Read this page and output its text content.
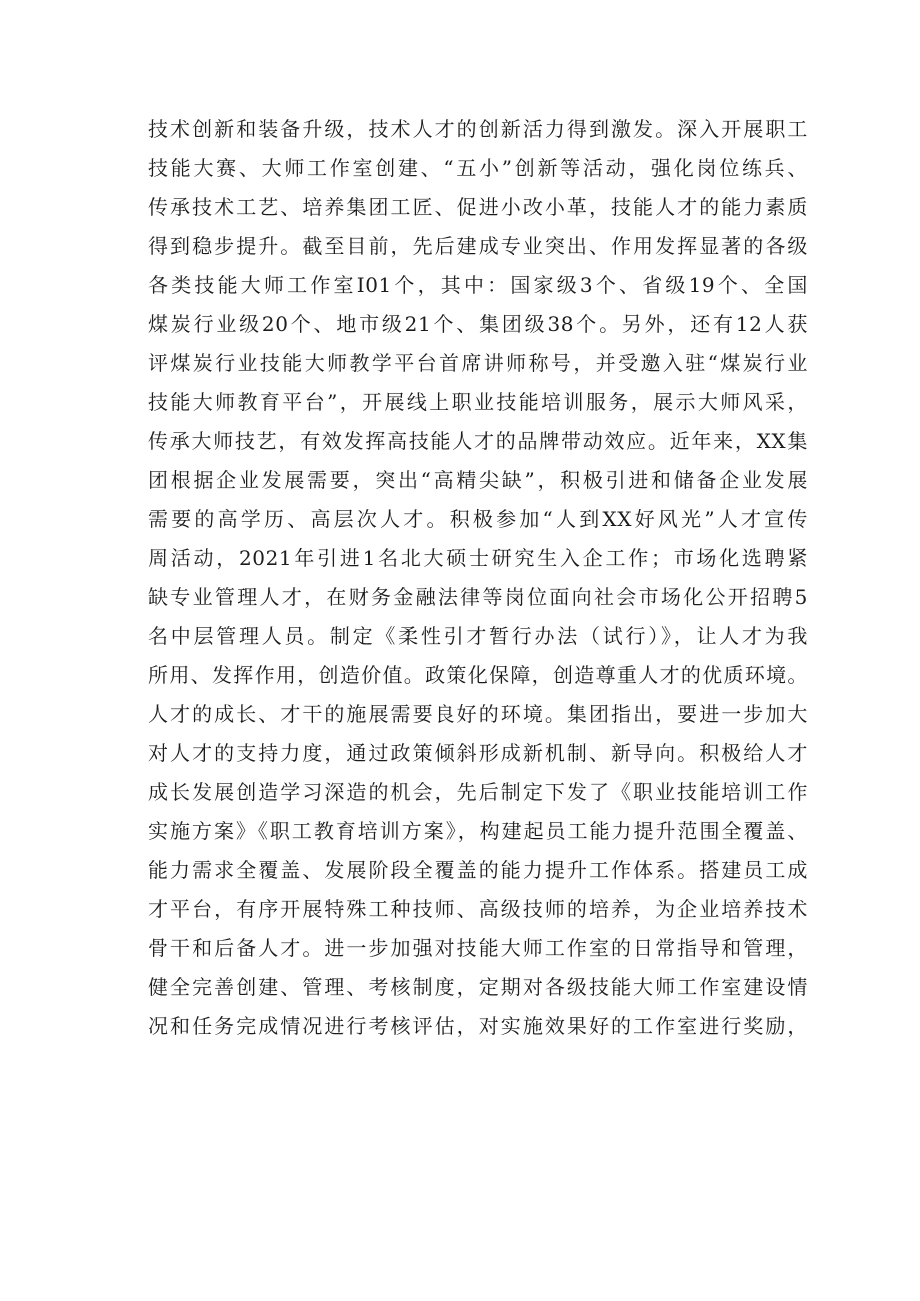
技术创新和装备升级，技术人才的创新活力得到激发。深入开展职工
技能大赛、大师工作室创建、“五小”创新等活动，强化岗位练兵、
传承技术工艺、培养集团工匠、促进小改小革，技能人才的能力素质
得到稳步提升。截至目前，先后建成专业突出、作用发挥显著的各级
各类技能大师工作室I01个，其中：国家级3个、省级19个、全国
煤炭行业级20个、地市级21个、集团级38个。另外，还有12人获
评煤炭行业技能大师教学平台首席讲师称号，并受邀入驻“煤炭行业
技能大师教育平台”，开展线上职业技能培训服务，展示大师风采，
传承大师技艺，有效发挥高技能人才的品牌带动效应。近年来，XX集
团根据企业发展需要，突出“高精尖缺”，积极引进和储备企业发展
需要的高学历、高层次人才。积极参加“人到XX好风光”人才宣传
周活动，2021年引进1名北大硕士研究生入企工作；市场化选聘紧
缺专业管理人才，在财务金融法律等岗位面向社会市场化公开招聘5
名中层管理人员。制定《柔性引才暂行办法（试行）》，让人才为我
所用、发挥作用，创造价值。政策化保障，创造尊重人才的优质环境。
人才的成长、才干的施展需要良好的环境。集团指出，要进一步加大
对人才的支持力度，通过政策倾斜形成新机制、新导向。积极给人才
成长发展创造学习深造的机会，先后制定下发了《职业技能培训工作
实施方案》《职工教育培训方案》，构建起员工能力提升范围全覆盖、
能力需求全覆盖、发展阶段全覆盖的能力提升工作体系。搭建员工成
才平台，有序开展特殊工种技师、高级技师的培养，为企业培养技术
骨干和后备人才。进一步加强对技能大师工作室的日常指导和管理，
健全完善创建、管理、考核制度，定期对各级技能大师工作室建设情
况和任务完成情况进行考核评估，对实施效果好的工作室进行奖励，
